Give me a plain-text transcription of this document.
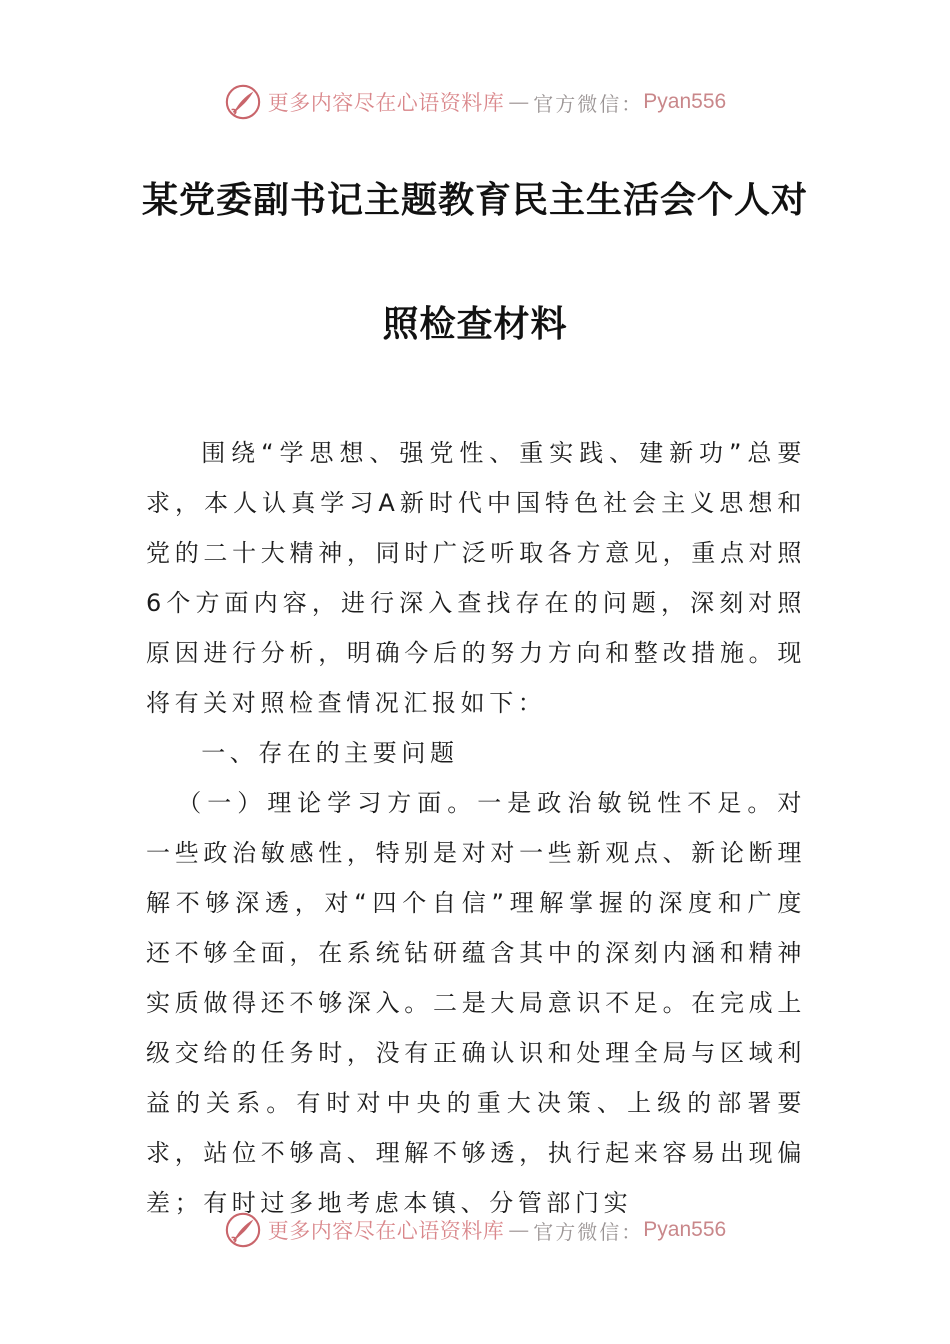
更多内容尽在心语资料库 — 官方微信： Pyan556
某党委副书记主题教育民主生活会个人对
照检查材料

围绕“学思想、强党性、重实践、建新功”总要求，本人认真学习A新时代中国特色社会主义思想和党的二十大精神，同时广泛听取各方意见，重点对照6个方面内容，进行深入查找存在的问题，深刻对照原因进行分析，明确今后的努力方向和整改措施。现将有关对照检查情况汇报如下：

一、存在的主要问题

（一）理论学习方面。一是政治敏锐性不足。对一些政治敏感性，特别是对对一些新观点、新论断理解不够深透，对“四个自信”理解掌握的深度和广度还不够全面，在系统钻研蕴含其中的深刻内涵和精神实质做得还不够深入。二是大局意识不足。在完成上级交给的任务时，没有正确认识和处理全局与区域利益的关系。有时对中央的重大决策、上级的部署要求，站位不够高、理解不够透，执行起来容易出现偏差；有时过多地考虑本镇、分管部门实

更多内容尽在心语资料库 — 官方微信： Pyan556
